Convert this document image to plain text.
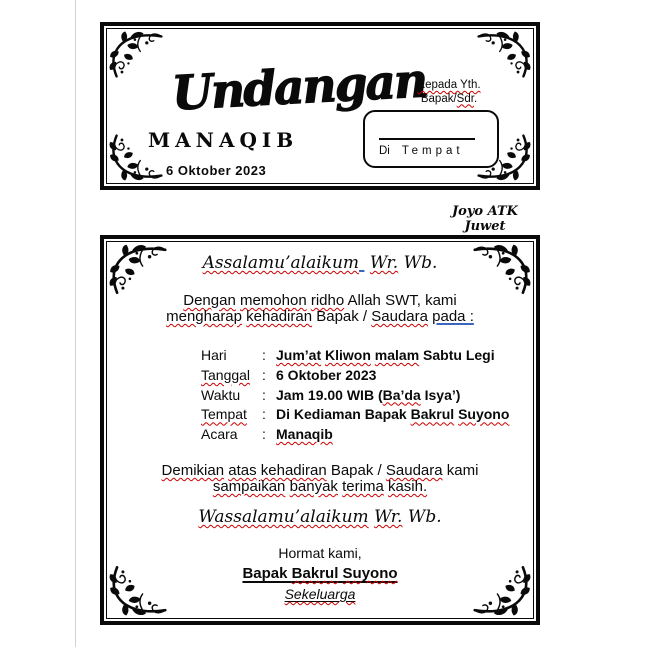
Undangan
MANAQIB
6 Oktober 2023
Kepada Yth.
Bapak/Sdr.
Di Tempat
Joyo ATK Juwet
Assalamu’alaikum Wr. Wb.
Dengan memohon ridho Allah SWT, kami
mengharap kehadiran Bapak / Saudara pada :
Hari	: Jum’at Kliwon malam Sabtu Legi
Tanggal : 6 Oktober 2023
Waktu	: Jam 19.00 WIB (Ba’da Isya’)
Tempat	: Di Kediaman Bapak Bakrul Suyono
Acara	: Manaqib
Demikian atas kehadiran Bapak / Saudara kami
sampaikan banyak terima kasih.
Wassalamu’alaikum Wr. Wb.
Hormat kami,
Bapak Bakrul Suyono
Sekeluarga
